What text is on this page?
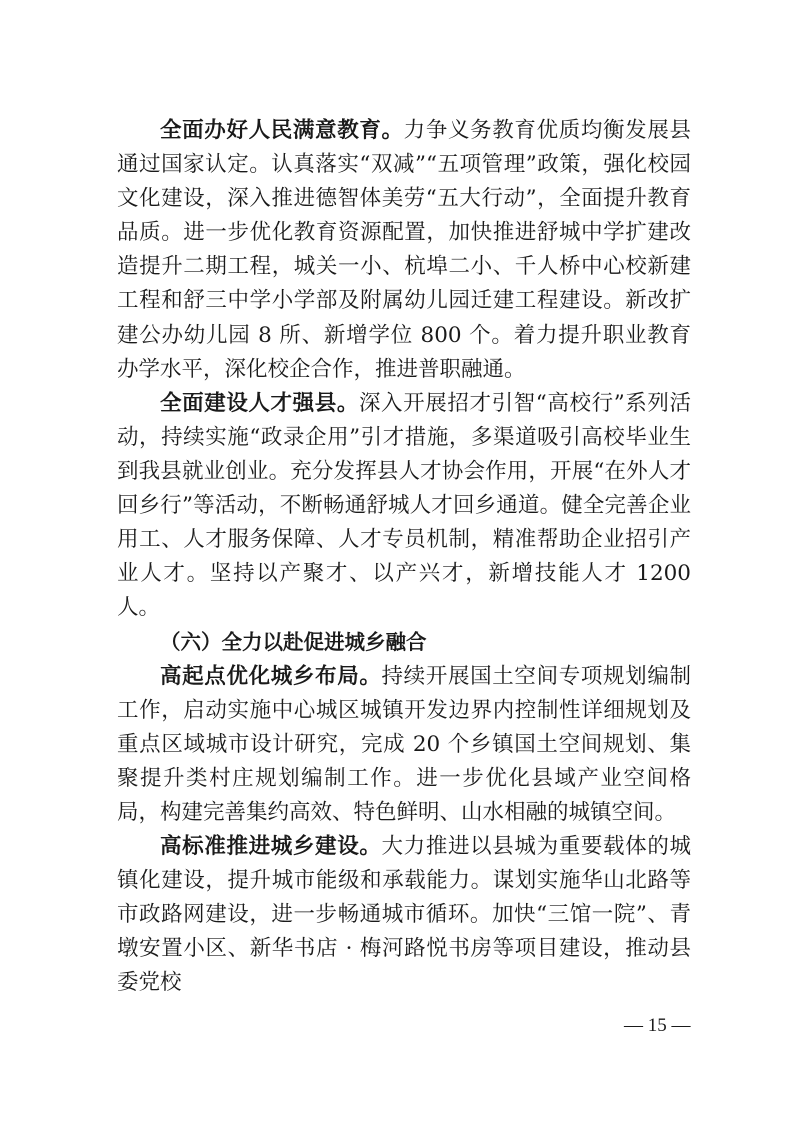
全面办好人民满意教育。力争义务教育优质均衡发展县通过国家认定。认真落实“双减”“五项管理”政策，强化校园文化建设，深入推进德智体美劳“五大行动”，全面提升教育品质。进一步优化教育资源配置，加快推进舒城中学扩建改造提升二期工程，城关一小、杭埠二小、千人桥中心校新建工程和舒三中学小学部及附属幼儿园迁建工程建设。新改扩建公办幼儿园 8 所、新增学位 800 个。着力提升职业教育办学水平，深化校企合作，推进普职融通。

全面建设人才强县。深入开展招才引智“高校行”系列活动，持续实施“政录企用”引才措施，多渠道吸引高校毕业生到我县就业创业。充分发挥县人才协会作用，开展“在外人才回乡行”等活动，不断畅通舒城人才回乡通道。健全完善企业用工、人才服务保障、人才专员机制，精准帮助企业招引产业人才。坚持以产聚才、以产兴才，新增技能人才 1200 人。

（六）全力以赴促进城乡融合

高起点优化城乡布局。持续开展国土空间专项规划编制工作，启动实施中心城区城镇开发边界内控制性详细规划及重点区域城市设计研究，完成 20 个乡镇国土空间规划、集聚提升类村庄规划编制工作。进一步优化县域产业空间格局，构建完善集约高效、特色鲜明、山水相融的城镇空间。

高标准推进城乡建设。大力推进以县城为重要载体的城镇化建设，提升城市能级和承载能力。谋划实施华山北路等市政路网建设，进一步畅通城市循环。加快“三馆一院”、青墩安置小区、新华书店 · 梅河路悦书房等项目建设，推动县委党校

— 15 —
